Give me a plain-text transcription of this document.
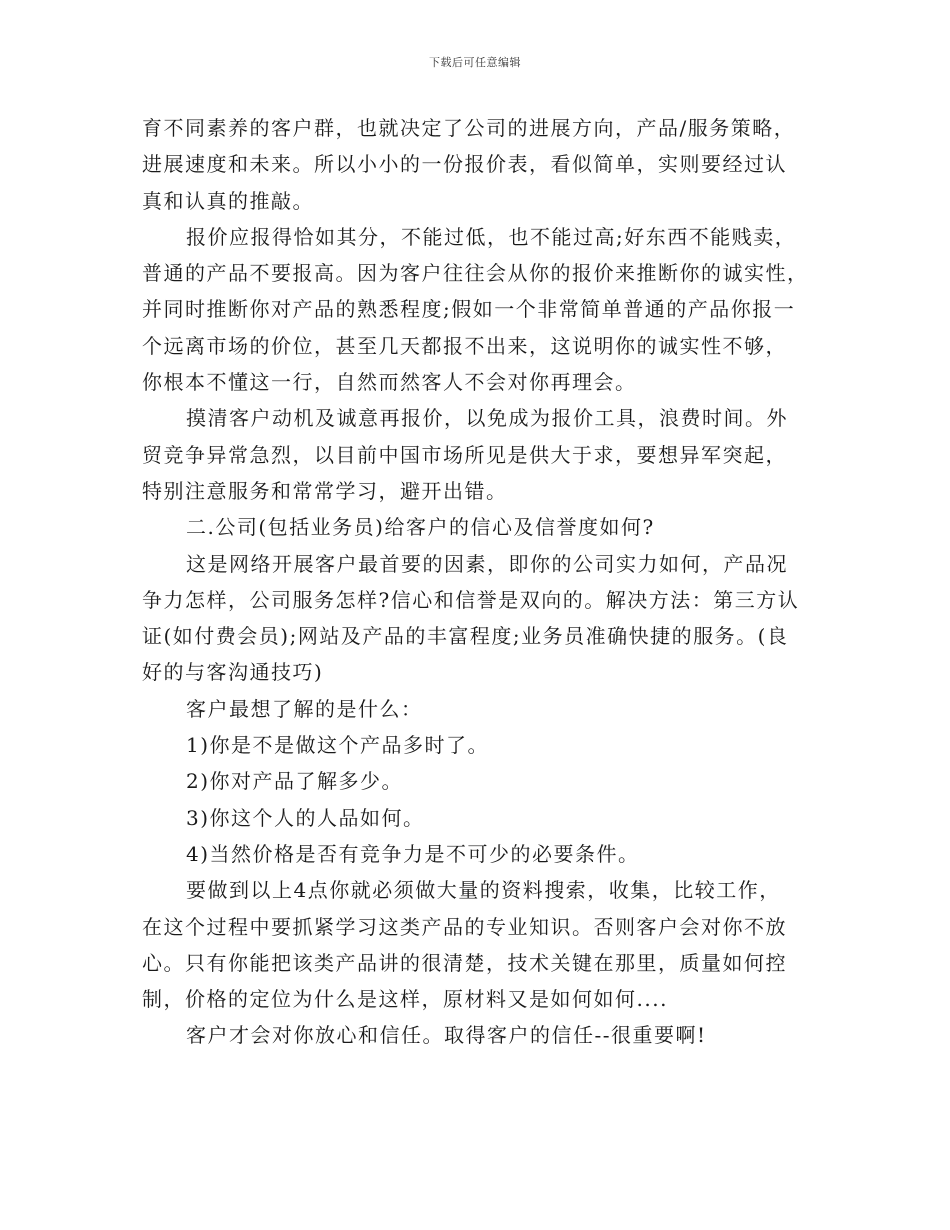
下载后可任意编辑
育不同素养的客户群，也就决定了公司的进展方向，产品/服务策略，
进展速度和未来。所以小小的一份报价表，看似简单，实则要经过认
真和认真的推敲。
报价应报得恰如其分，不能过低，也不能过高;好东西不能贱卖，
普通的产品不要报高。因为客户往往会从你的报价来推断你的诚实性，
并同时推断你对产品的熟悉程度;假如一个非常简单普通的产品你报一
个远离市场的价位，甚至几天都报不出来，这说明你的诚实性不够，
你根本不懂这一行，自然而然客人不会对你再理会。
摸清客户动机及诚意再报价，以免成为报价工具，浪费时间。外
贸竞争异常急烈，以目前中国市场所见是供大于求，要想异军突起，
特别注意服务和常常学习，避开出错。
二.公司(包括业务员)给客户的信心及信誉度如何?
这是网络开展客户最首要的因素，即你的公司实力如何，产品况
争力怎样，公司服务怎样?信心和信誉是双向的。解决方法：第三方认
证(如付费会员);网站及产品的丰富程度;业务员准确快捷的服务。(良
好的与客沟通技巧)
客户最想了解的是什么：
1)你是不是做这个产品多时了。
2)你对产品了解多少。
3)你这个人的人品如何。
4)当然价格是否有竞争力是不可少的必要条件。
要做到以上4点你就必须做大量的资料搜索，收集，比较工作，
在这个过程中要抓紧学习这类产品的专业知识。否则客户会对你不放
心。只有你能把该类产品讲的很清楚，技术关键在那里，质量如何控
制，价格的定位为什么是这样，原材料又是如何如何....
客户才会对你放心和信任。取得客户的信任--很重要啊!
